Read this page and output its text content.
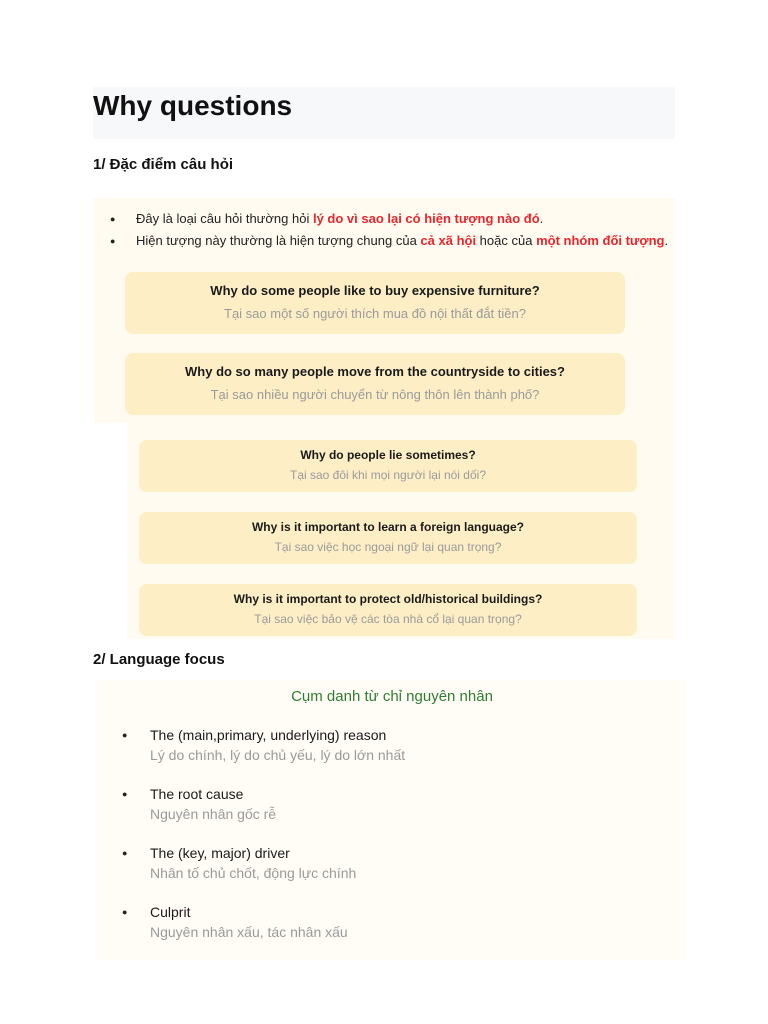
Why questions
1/ Đặc điểm câu hỏi
● Đây là loại câu hỏi thường hỏi lý do vì sao lại có hiện tượng nào đó.
● Hiện tượng này thường là hiện tượng chung của cả xã hội hoặc của một nhóm đối tượng.
Why do some people like to buy expensive furniture?
Tại sao một số người thích mua đồ nội thất đắt tiền?
Why do so many people move from the countryside to cities?
Tại sao nhiều người chuyển từ nông thôn lên thành phố?
Why do people lie sometimes?
Tại sao đôi khi mọi người lại nói dối?
Why is it important to learn a foreign language?
Tại sao việc học ngoại ngữ lại quan trọng?
Why is it important to protect old/historical buildings?
Tại sao việc bảo vệ các tòa nhà cổ lại quan trọng?
2/ Language focus
Cụm danh từ chỉ nguyên nhân
● The (main,primary, underlying) reason
Lý do chính, lý do chủ yếu, lý do lớn nhất
● The root cause
Nguyên nhân gốc rễ
● The (key, major) driver
Nhân tố chủ chốt, động lực chính
● Culprit
Nguyên nhân xấu, tác nhân xấu
